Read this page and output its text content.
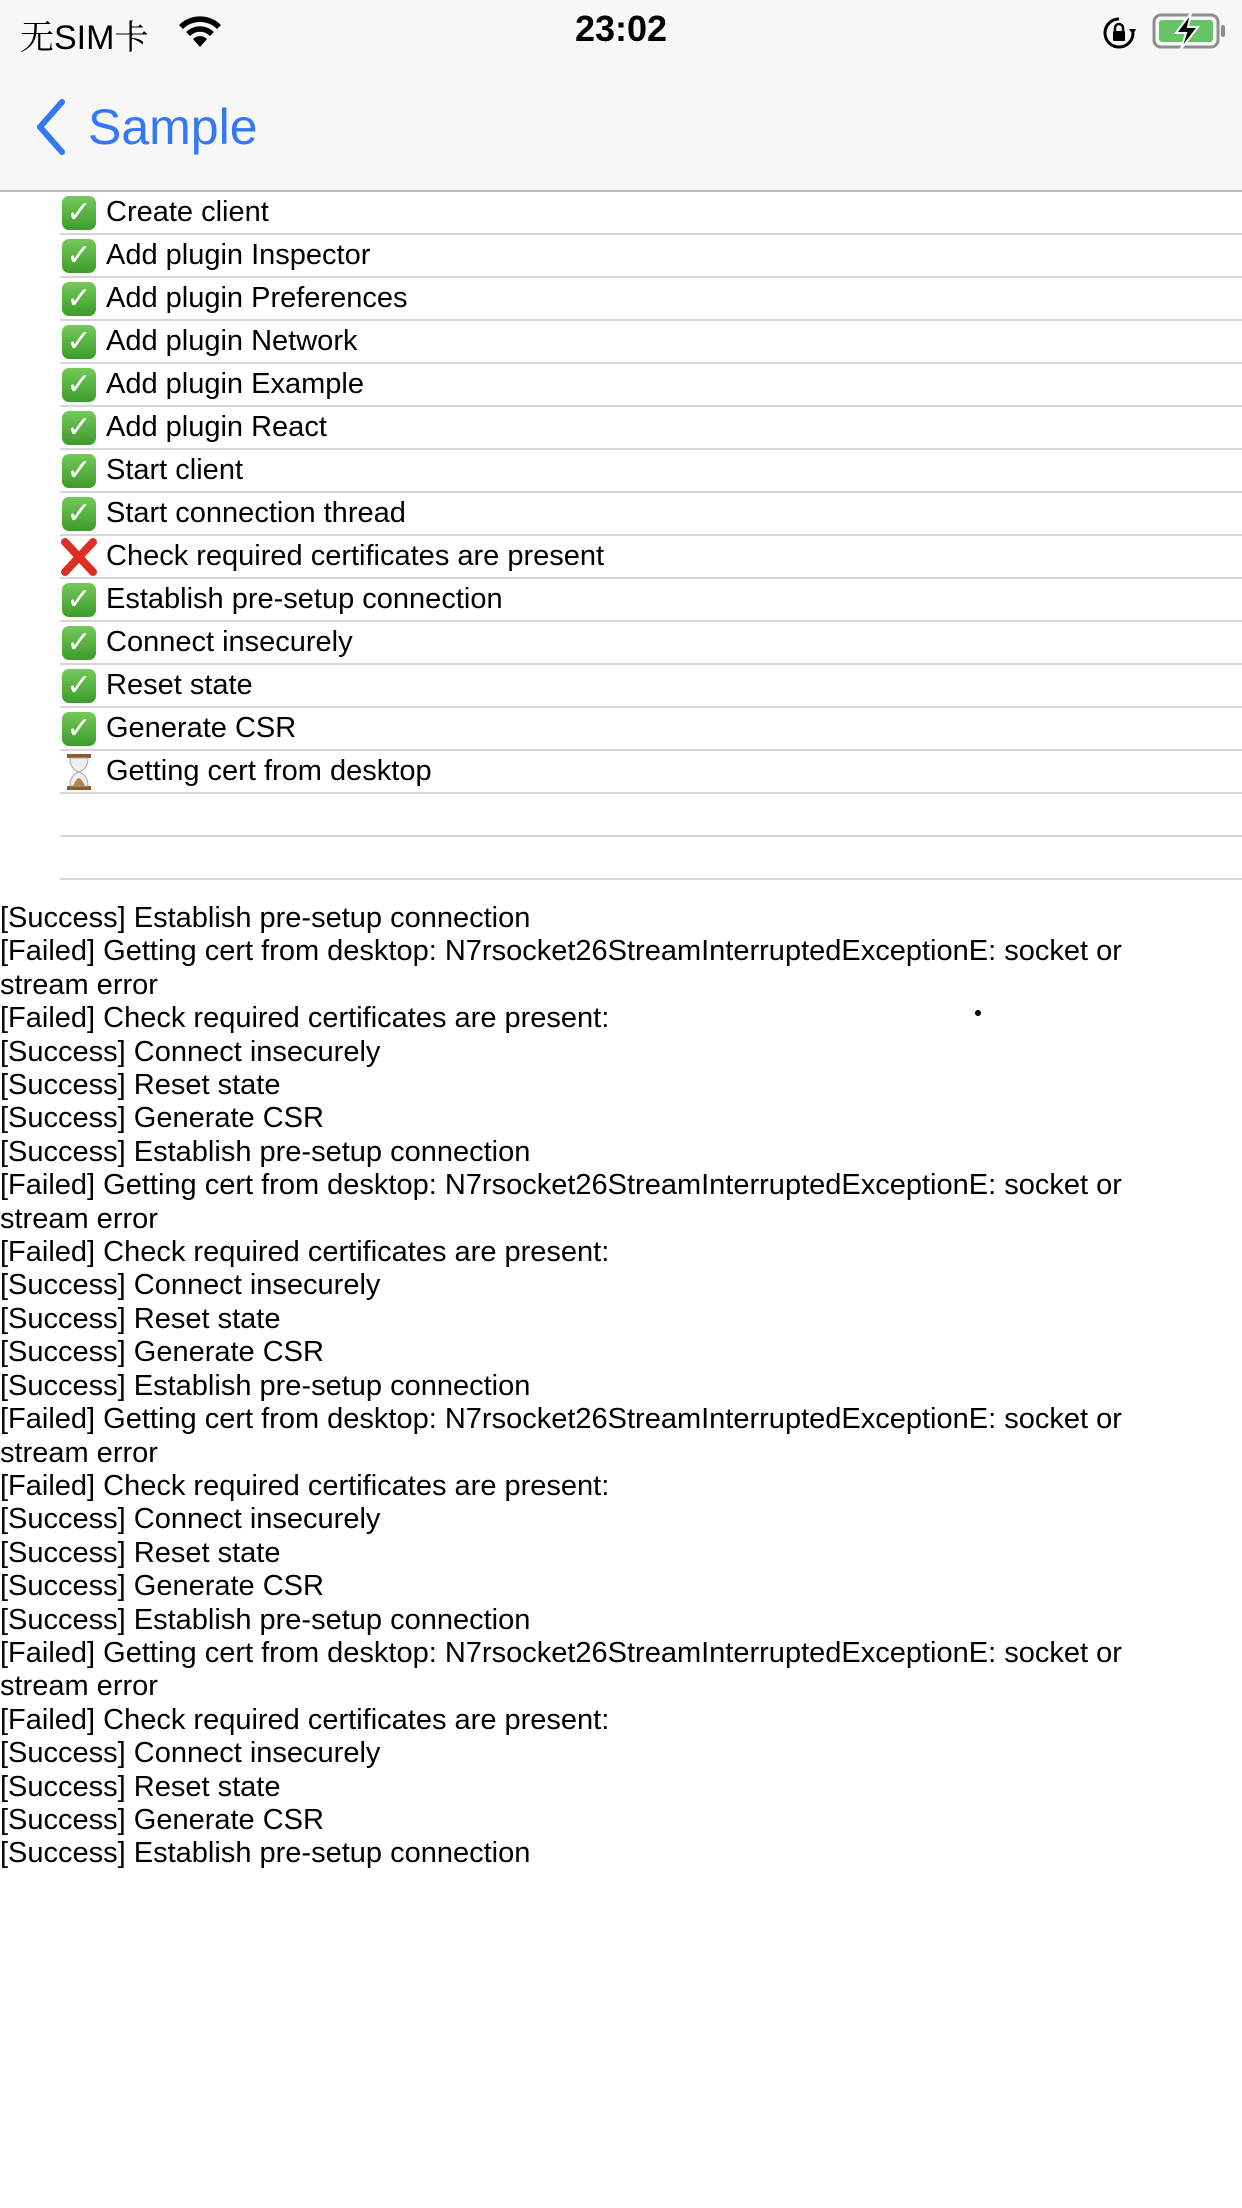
无SIM卡	23:02
Sample
✓ Create client
✓ Add plugin Inspector
✓ Add plugin Preferences
✓ Add plugin Network
✓ Add plugin Example
✓ Add plugin React
✓ Start client
✓ Start connection thread
Check required certificates are present
✓ Establish pre-setup connection
✓ Connect insecurely
✓ Reset state
✓ Generate CSR
Getting cert from desktop
[Success] Establish pre-setup connection
[Failed] Getting cert from desktop: N7rsocket26StreamInterruptedExceptionE: socket or stream error
[Failed] Check required certificates are present:
[Success] Connect insecurely
[Success] Reset state
[Success] Generate CSR
[Success] Establish pre-setup connection
[Failed] Getting cert from desktop: N7rsocket26StreamInterruptedExceptionE: socket or stream error
[Failed] Check required certificates are present:
[Success] Connect insecurely
[Success] Reset state
[Success] Generate CSR
[Success] Establish pre-setup connection
[Failed] Getting cert from desktop: N7rsocket26StreamInterruptedExceptionE: socket or stream error
[Failed] Check required certificates are present:
[Success] Connect insecurely
[Success] Reset state
[Success] Generate CSR
[Success] Establish pre-setup connection
[Failed] Getting cert from desktop: N7rsocket26StreamInterruptedExceptionE: socket or stream error
[Failed] Check required certificates are present:
[Success] Connect insecurely
[Success] Reset state
[Success] Generate CSR
[Success] Establish pre-setup connection
